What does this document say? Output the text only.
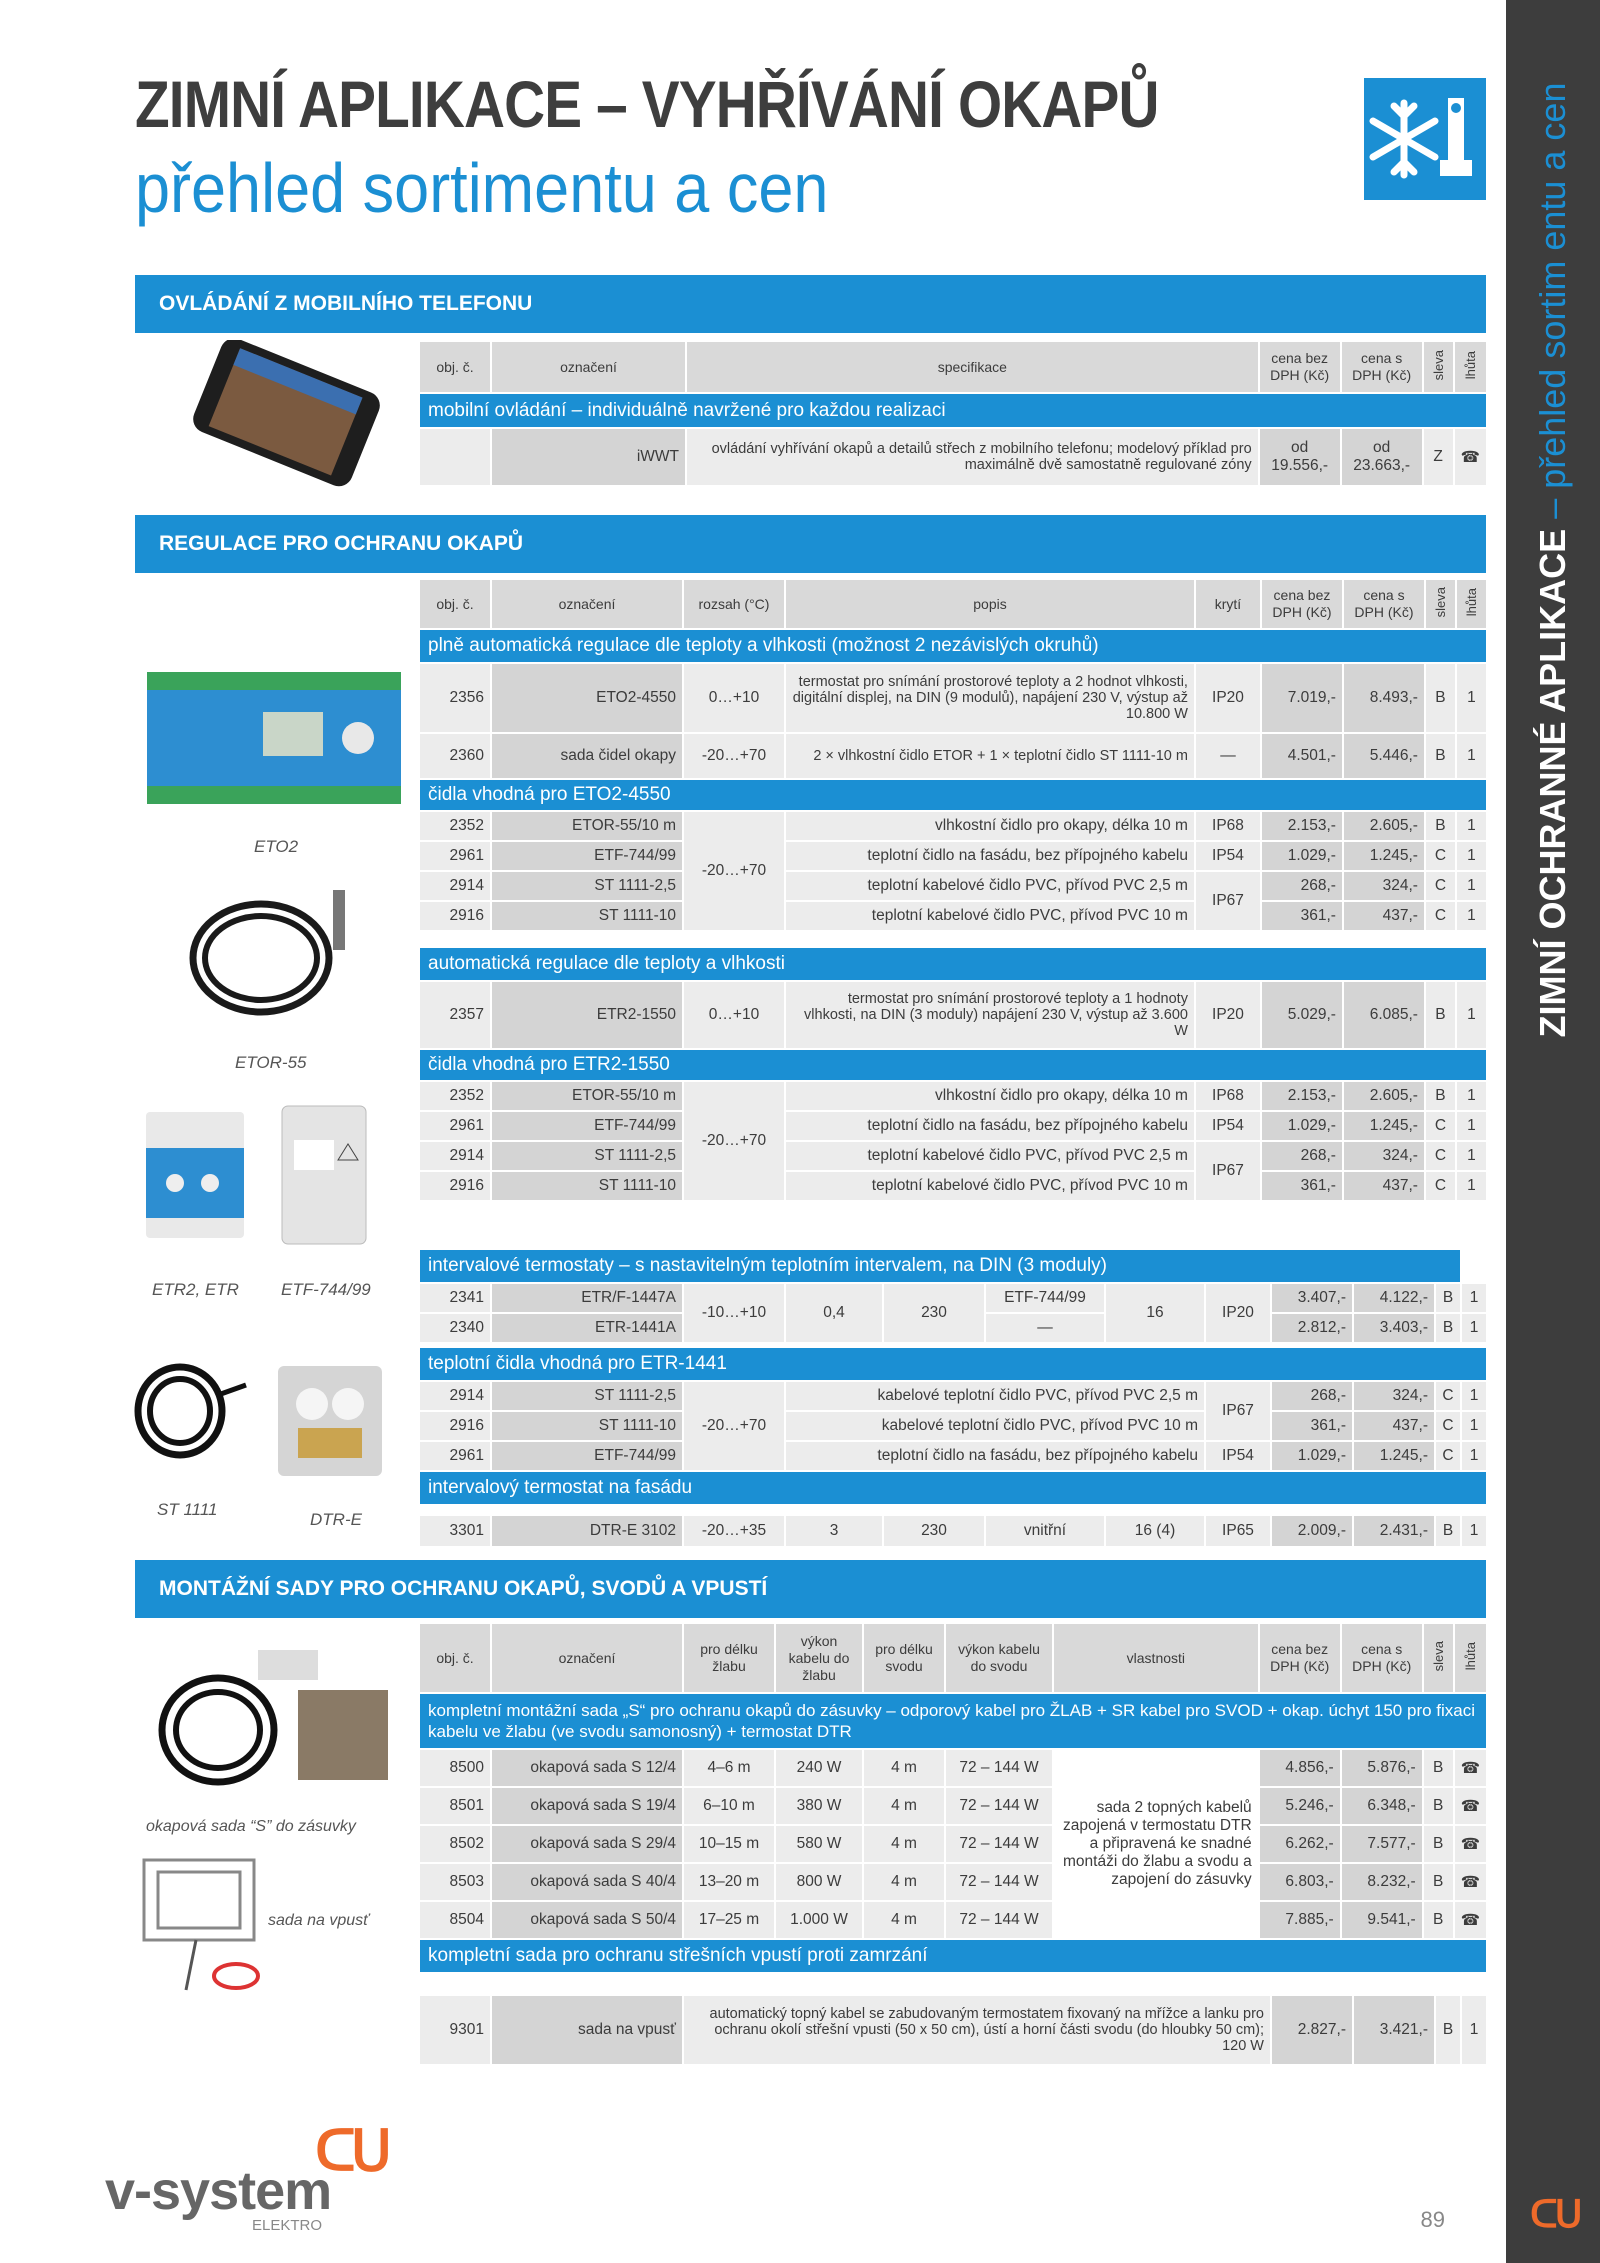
ZIMNÍ APLIKACE – VYHŘÍVÁNÍ OKAPŮ
přehled sortimentu a cen
ZIMNÍ OCHRANNÉ APLIKACE – přehled sortim entu a cen
ᑕᑌ
OVLÁDÁNÍ Z MOBILNÍHO TELEFONU
obj. č.	označení	specifikace	cena bez DPH (Kč)	cena s DPH (Kč)	sleva	lhůta
mobilní ovládání – individuálně navržené pro každou realizaci						
	iWWT	ovládání vyhřívání okapů a detailů střech z mobilního telefonu; modelový příklad pro maximálně dvě samostatně regulované zóny	od 19.556,-	od 23.663,-	Z	☎
REGULACE PRO OCHRANU OKAPŮ
obj. č.	označení	rozsah (°C)	popis	krytí	cena bez DPH (Kč)	cena s DPH (Kč)	sleva	lhůta
plně automatická regulace dle teploty a vlhkosti (možnost 2 nezávislých okruhů)								
2356	ETO2-4550	0…+10	termostat pro snímání prostorové teploty a 2 hodnot vlhkosti, digitální displej, na DIN (9 modulů), napájení 230 V, výstup až 10.800 W	IP20	7.019,-	8.493,-	B	1
2360	sada čidel okapy	-20…+70	2 × vlhkostní čidlo ETOR + 1 × teplotní čidlo ST 1111-10 m	—	4.501,-	5.446,-	B	1
čidla vhodná pro ETO2-4550								
2352	ETOR-55/10 m	-20…+70	vlhkostní čidlo pro okapy, délka 10 m	IP68	2.153,-	2.605,-	B	1
2961	ETF-744/99		teplotní čidlo na fasádu, bez přípojného kabelu	IP54	1.029,-	1.245,-	C	1
2914	ST 1111-2,5		teplotní kabelové čidlo PVC, přívod PVC 2,5 m	IP67	268,-	324,-	C	1
2916	ST 1111-10		teplotní kabelové čidlo PVC, přívod PVC 10 m		361,-	437,-	C	1

automatická regulace dle teploty a vlhkosti								
2357	ETR2-1550	0…+10	termostat pro snímání prostorové teploty a 1 hodnoty vlhkosti, na DIN (3 moduly) napájení 230 V, výstup až 3.600 W	IP20	5.029,-	6.085,-	B	1
čidla vhodná pro ETR2-1550								
2352	ETOR-55/10 m	-20…+70	vlhkostní čidlo pro okapy, délka 10 m	IP68	2.153,-	2.605,-	B	1
2961	ETF-744/99		teplotní čidlo na fasádu, bez přípojného kabelu	IP54	1.029,-	1.245,-	C	1
2914	ST 1111-2,5		teplotní kabelové čidlo PVC, přívod PVC 2,5 m	IP67	268,-	324,-	C	1
2916	ST 1111-10		teplotní kabelové čidlo PVC, přívod PVC 10 m		361,-	437,-	C	1

intervalové termostaty – s nastavitelným teplotním intervalem, na DIN (3 moduly)											
2341	ETR/F-1447A	-10…+10	0,4	230	ETF-744/99	16	IP20	3.407,-	4.122,-	B	1
2340	ETR-1441A				—			2.812,-	3.403,-	B	1
teplotní čidla vhodná pro ETR-1441								
2914	ST 1111-2,5	-20…+70	kabelové teplotní čidlo PVC, přívod PVC 2,5 m	IP67	268,-	324,-	C	1
2916	ST 1111-10		kabelové teplotní čidlo PVC, přívod PVC 10 m		361,-	437,-	C	1
2961	ETF-744/99		teplotní čidlo na fasádu, bez přípojného kabelu	IP54	1.029,-	1.245,-	C	1
intervalový termostat na fasádu								
3301	DTR-E 3102	-20…+35	3	230	vnitřní	16 (4)	IP65	2.009,-	2.431,-	B	1
ETO2
ETOR-55
ETR2, ETR ETF-744/99
ST 1111
DTR-E
MONTÁŽNÍ SADY PRO OCHRANU OKAPŮ, SVODŮ A VPUSTÍ
obj. č.	označení	pro délku žlabu	výkon kabelu do žlabu	pro délku svodu	výkon kabelu do svodu	vlastnosti	cena bez DPH (Kč)	cena s DPH (Kč)	sleva	lhůta
kompletní montážní sada „S“ pro ochranu okapů do zásuvky – odporový kabel pro ŽLAB + SR kabel pro SVOD + okap. úchyt 150 pro fixaci kabelu ve žlabu (ve svodu samonosný) + termostat DTR										
8500	okapová sada S 12/4	4–6 m	240 W	4 m	72 – 144 W	sada 2 topných kabelů zapojená v termostatu DTR a připravená ke snadné montáži do žlabu a svodu a zapojení do zásuvky	4.856,-	5.876,-	B	☎
8501	okapová sada S 19/4	6–10 m	380 W	4 m	72 – 144 W		5.246,-	6.348,-	B	☎
8502	okapová sada S 29/4	10–15 m	580 W	4 m	72 – 144 W		6.262,-	7.577,-	B	☎
8503	okapová sada S 40/4	13–20 m	800 W	4 m	72 – 144 W		6.803,-	8.232,-	B	☎
8504	okapová sada S 50/4	17–25 m	1.000 W	4 m	72 – 144 W		7.885,-	9.541,-	B	☎
kompletní sada pro ochranu střešních vpustí proti zamrzání										
9301	sada na vpusť	automatický topný kabel se zabudovaným termostatem fixovaný na mřížce a lanku pro ochranu okolí střešní vpusti (50 x 50 cm), ústí a horní části svodu (do hloubky 50 cm); 120 W	2.827,-	3.421,-	B	1
okapová sada “S” do zásuvky
sada na vpusť
ᑕᑌ
v-system
ELEKTRO	89
